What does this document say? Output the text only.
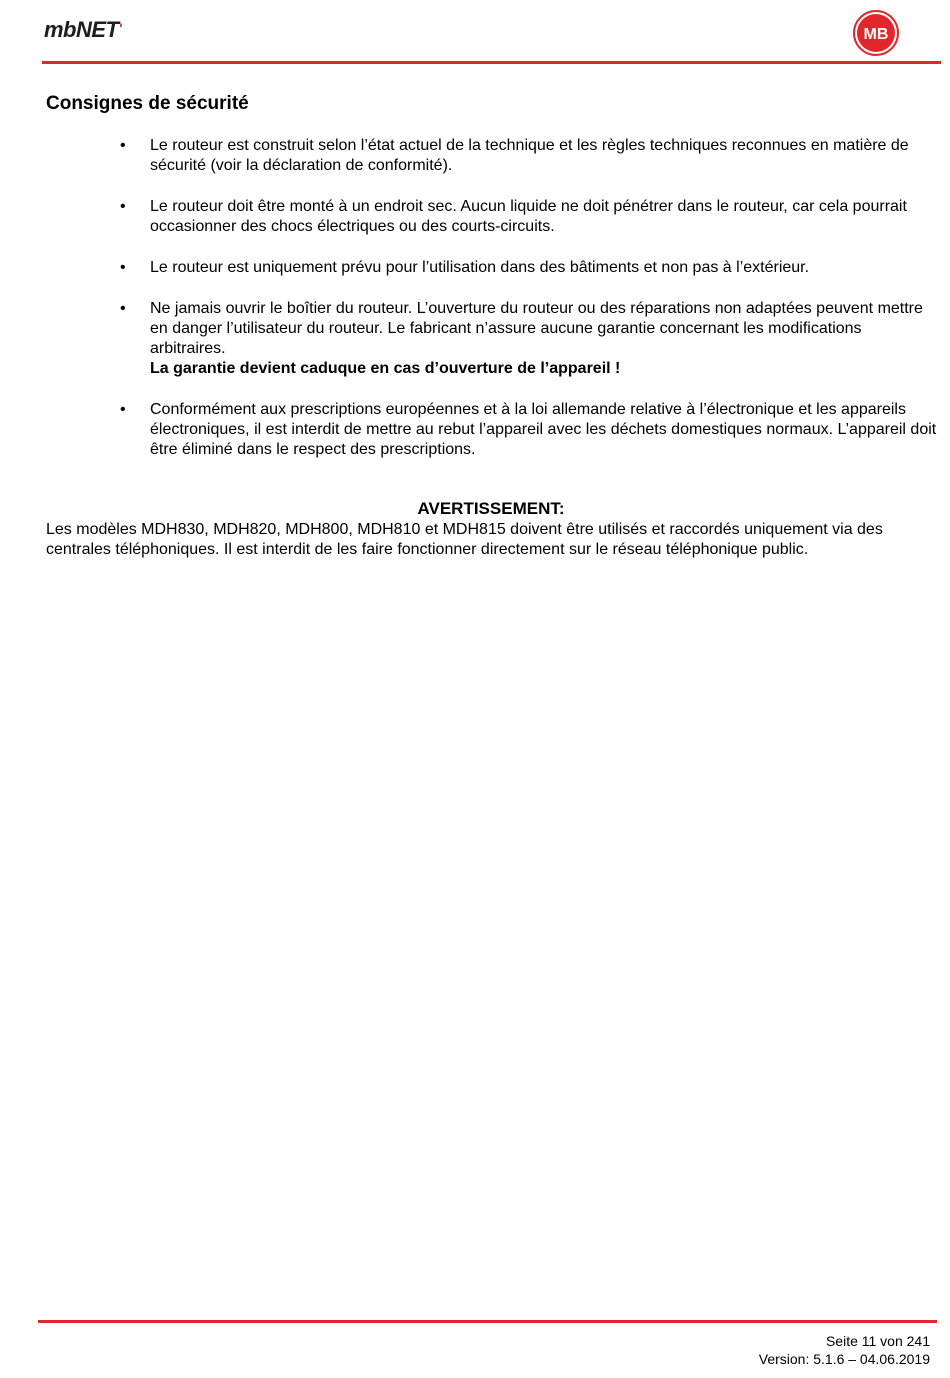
mbNET'	MB
Consignes de sécurité
• Le routeur est construit selon l’état actuel de la technique et les règles techniques reconnues en matière de sécurité (voir la déclaration de conformité).
• Le routeur doit être monté à un endroit sec. Aucun liquide ne doit pénétrer dans le routeur, car cela pourrait occasionner des chocs électriques ou des courts-circuits.
• Le routeur est uniquement prévu pour l’utilisation dans des bâtiments et non pas à l’extérieur.
• Ne jamais ouvrir le boîtier du routeur. L’ouverture du routeur ou des réparations non adaptées peuvent mettre en danger l’utilisateur du routeur. Le fabricant n’assure aucune garantie concernant les modifications arbitraires.
La garantie devient caduque en cas d’ouverture de l’appareil !
• Conformément aux prescriptions européennes et à la loi allemande relative à l’électronique et les appareils électroniques, il est interdit de mettre au rebut l’appareil avec les déchets domestiques normaux. L’appareil doit être éliminé dans le respect des prescriptions.

AVERTISSEMENT:

Les modèles MDH830, MDH820, MDH800, MDH810 et MDH815 doivent être utilisés et raccordés uniquement via des centrales téléphoniques. Il est interdit de les faire fonctionner directement sur le réseau téléphonique public.

Seite 11 von 241
Version: 5.1.6 – 04.06.2019
